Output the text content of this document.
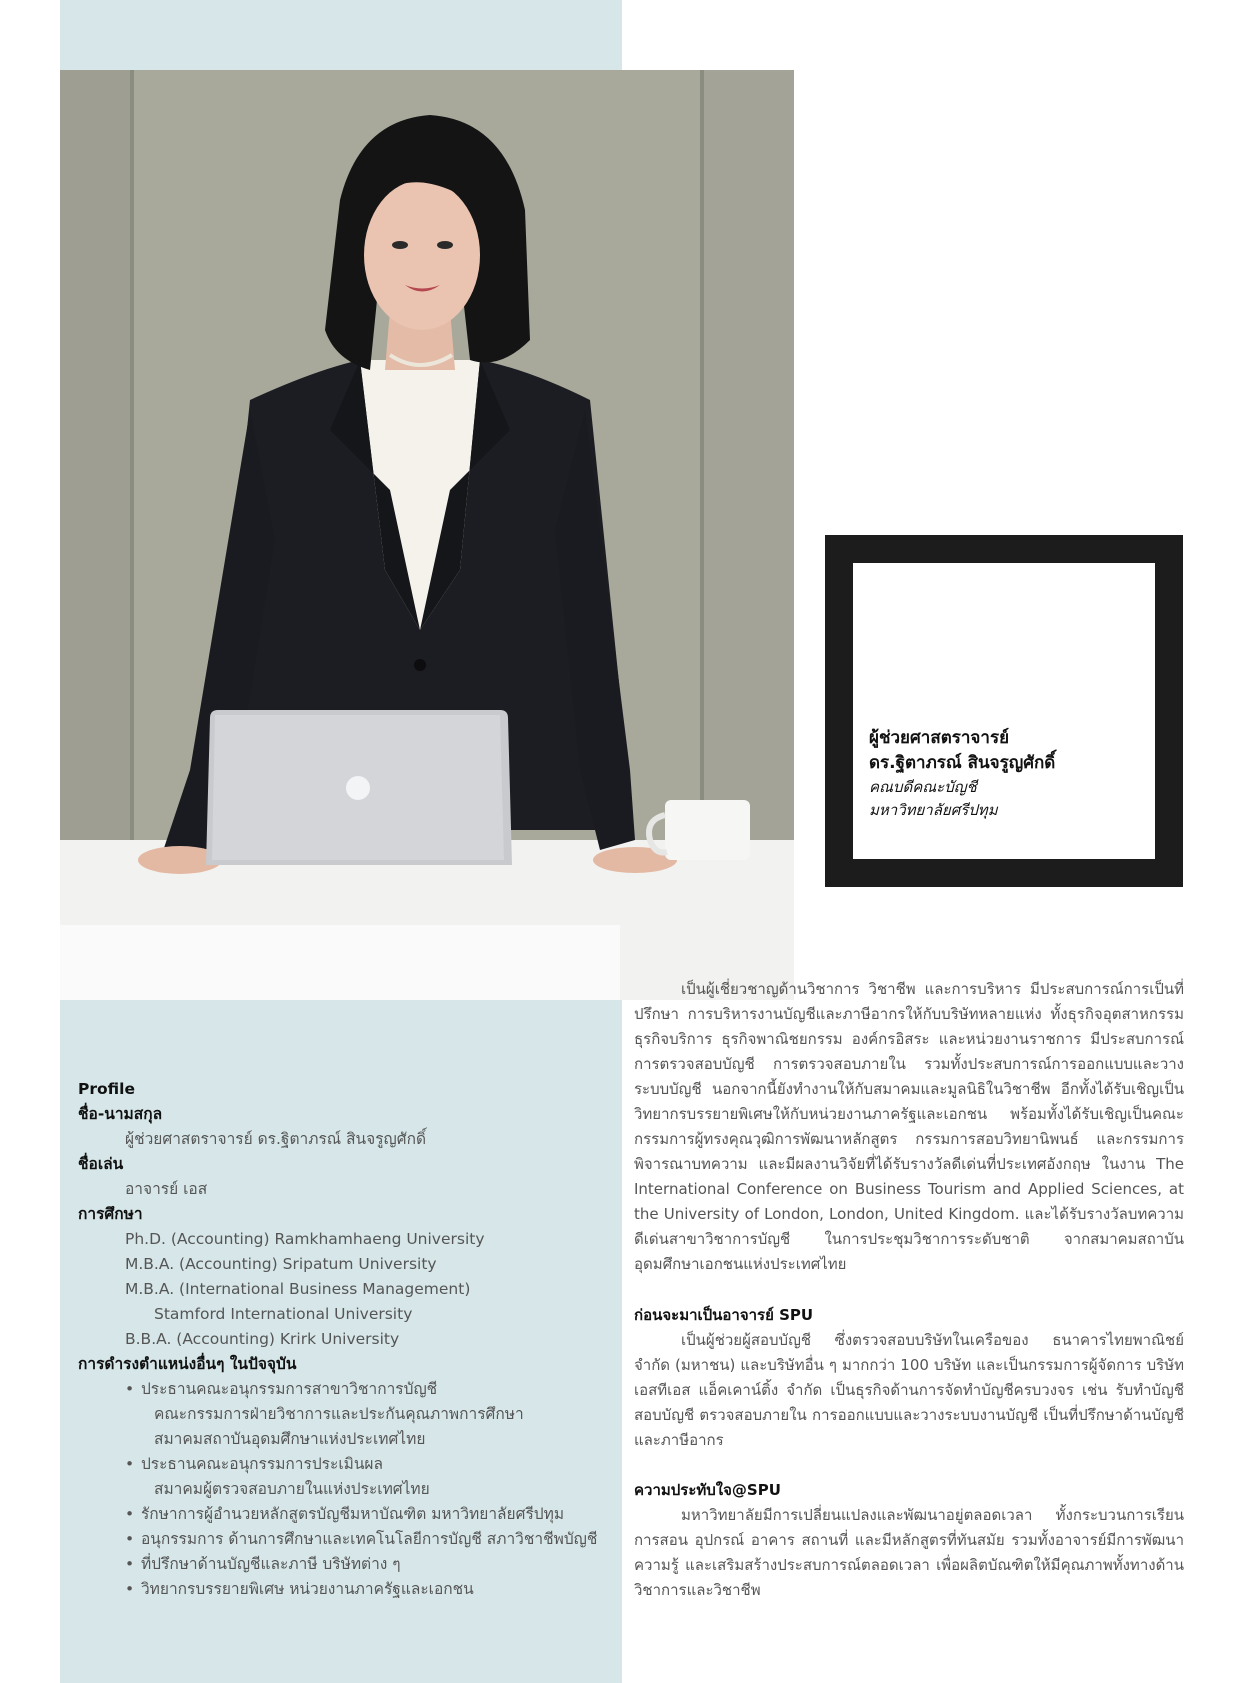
ผู้ช่วยศาสตราจารย์
ดร.ฐิตาภรณ์ สินจรูญศักดิ์
คณบดีคณะบัญชี
มหาวิทยาลัยศรีปทุม
Profile
ชื่อ-นามสกุล
ผู้ช่วยศาสตราจารย์ ดร.ฐิตาภรณ์ สินจรูญศักดิ์
ชื่อเล่น
อาจารย์ เอส
การศึกษา
Ph.D. (Accounting) Ramkhamhaeng University
M.B.A. (Accounting) Sripatum University
M.B.A. (International Business Management)
Stamford International University
B.B.A. (Accounting) Krirk University
การดำรงตำแหน่งอื่นๆ ในปัจจุบัน
• ประธานคณะอนุกรรมการสาขาวิชาการบัญชี
คณะกรรมการฝ่ายวิชาการและประกันคุณภาพการศึกษา
สมาคมสถาบันอุดมศึกษาแห่งประเทศไทย
• ประธานคณะอนุกรรมการประเมินผล
สมาคมผู้ตรวจสอบภายในแห่งประเทศไทย
• รักษาการผู้อำนวยหลักสูตรบัญชีมหาบัณฑิต มหาวิทยาลัยศรีปทุม
• อนุกรรมการ ด้านการศึกษาและเทคโนโลยีการบัญชี สภาวิชาชีพบัญชี
• ที่ปรึกษาด้านบัญชีและภาษี บริษัทต่าง ๆ
• วิทยากรบรรยายพิเศษ หน่วยงานภาครัฐและเอกชน

เป็นผู้เชี่ยวชาญด้านวิชาการ วิชาชีพ และการบริหาร มีประสบการณ์การเป็นที่ปรึกษา การบริหารงานบัญชีและภาษีอากรให้กับบริษัทหลายแห่ง ทั้งธุรกิจอุตสาหกรรม ธุรกิจบริการ ธุรกิจพาณิชยกรรม องค์กรอิสระ และหน่วยงานราชการ มีประสบการณ์การตรวจสอบบัญชี การตรวจสอบภายใน รวมทั้งประสบการณ์การออกแบบและวางระบบบัญชี นอกจากนี้ยังทำงานให้กับสมาคมและมูลนิธิในวิชาชีพ อีกทั้งได้รับเชิญเป็นวิทยากรบรรยายพิเศษให้กับหน่วยงานภาครัฐและเอกชน พร้อมทั้งได้รับเชิญเป็นคณะกรรมการผู้ทรงคุณวุฒิการพัฒนาหลักสูตร กรรมการสอบวิทยานิพนธ์ และกรรมการพิจารณาบทความ และมีผลงานวิจัยที่ได้รับรางวัลดีเด่นที่ประเทศอังกฤษ ในงาน The International Conference on Business Tourism and Applied Sciences, at the University of London, London, United Kingdom. และได้รับรางวัลบทความดีเด่นสาขาวิชาการบัญชี ในการประชุมวิชาการระดับชาติ จากสมาคมสถาบันอุดมศึกษาเอกชนแห่งประเทศไทย

ก่อนจะมาเป็นอาจารย์ SPU

เป็นผู้ช่วยผู้สอบบัญชี ซึ่งตรวจสอบบริษัทในเครือของ ธนาคารไทยพาณิชย์ จำกัด (มหาชน) และบริษัทอื่น ๆ มากกว่า 100 บริษัท และเป็นกรรมการผู้จัดการ บริษัท เอสทีเอส แอ็คเคาน์ติ้ง จำกัด เป็นธุรกิจด้านการจัดทำบัญชีครบวงจร เช่น รับทำบัญชี สอบบัญชี ตรวจสอบภายใน การออกแบบและวางระบบงานบัญชี เป็นที่ปรึกษาด้านบัญชีและภาษีอากร

ความประทับใจ@SPU

มหาวิทยาลัยมีการเปลี่ยนแปลงและพัฒนาอยู่ตลอดเวลา ทั้งกระบวนการเรียนการสอน อุปกรณ์ อาคาร สถานที่ และมีหลักสูตรที่ทันสมัย รวมทั้งอาจารย์มีการพัฒนาความรู้ และเสริมสร้างประสบการณ์ตลอดเวลา เพื่อผลิตบัณฑิตให้มีคุณภาพทั้งทางด้านวิชาการและวิชาชีพ
